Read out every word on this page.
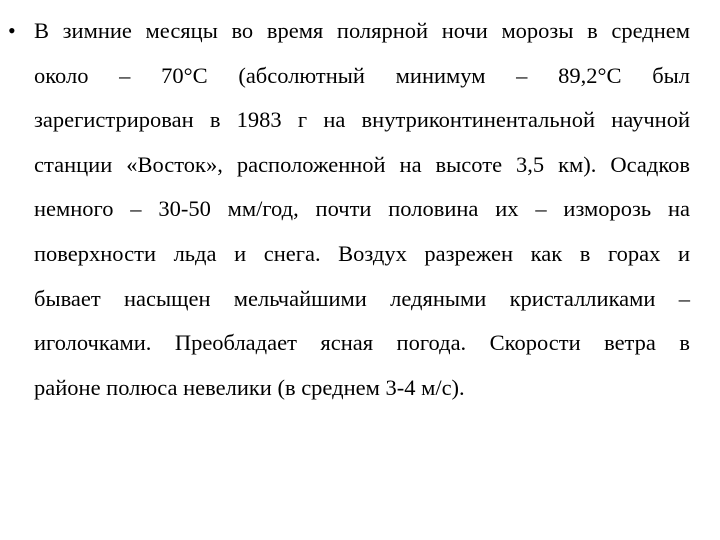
• В зимние месяцы во время полярной ночи морозы в среднем
около – 70°С (абсолютный минимум – 89,2°С был
зарегистрирован в 1983 г на внутриконтинентальной научной
станции «Восток», расположенной на высоте 3,5 км). Осадков
немного – 30-50 мм/год, почти половина их – изморозь на
поверхности льда и снега. Воздух разрежен как в горах и
бывает насыщен мельчайшими ледяными кристалликами –
иголочками. Преобладает ясная погода. Скорости ветра в
районе полюса невелики (в среднем 3-4 м/с).
